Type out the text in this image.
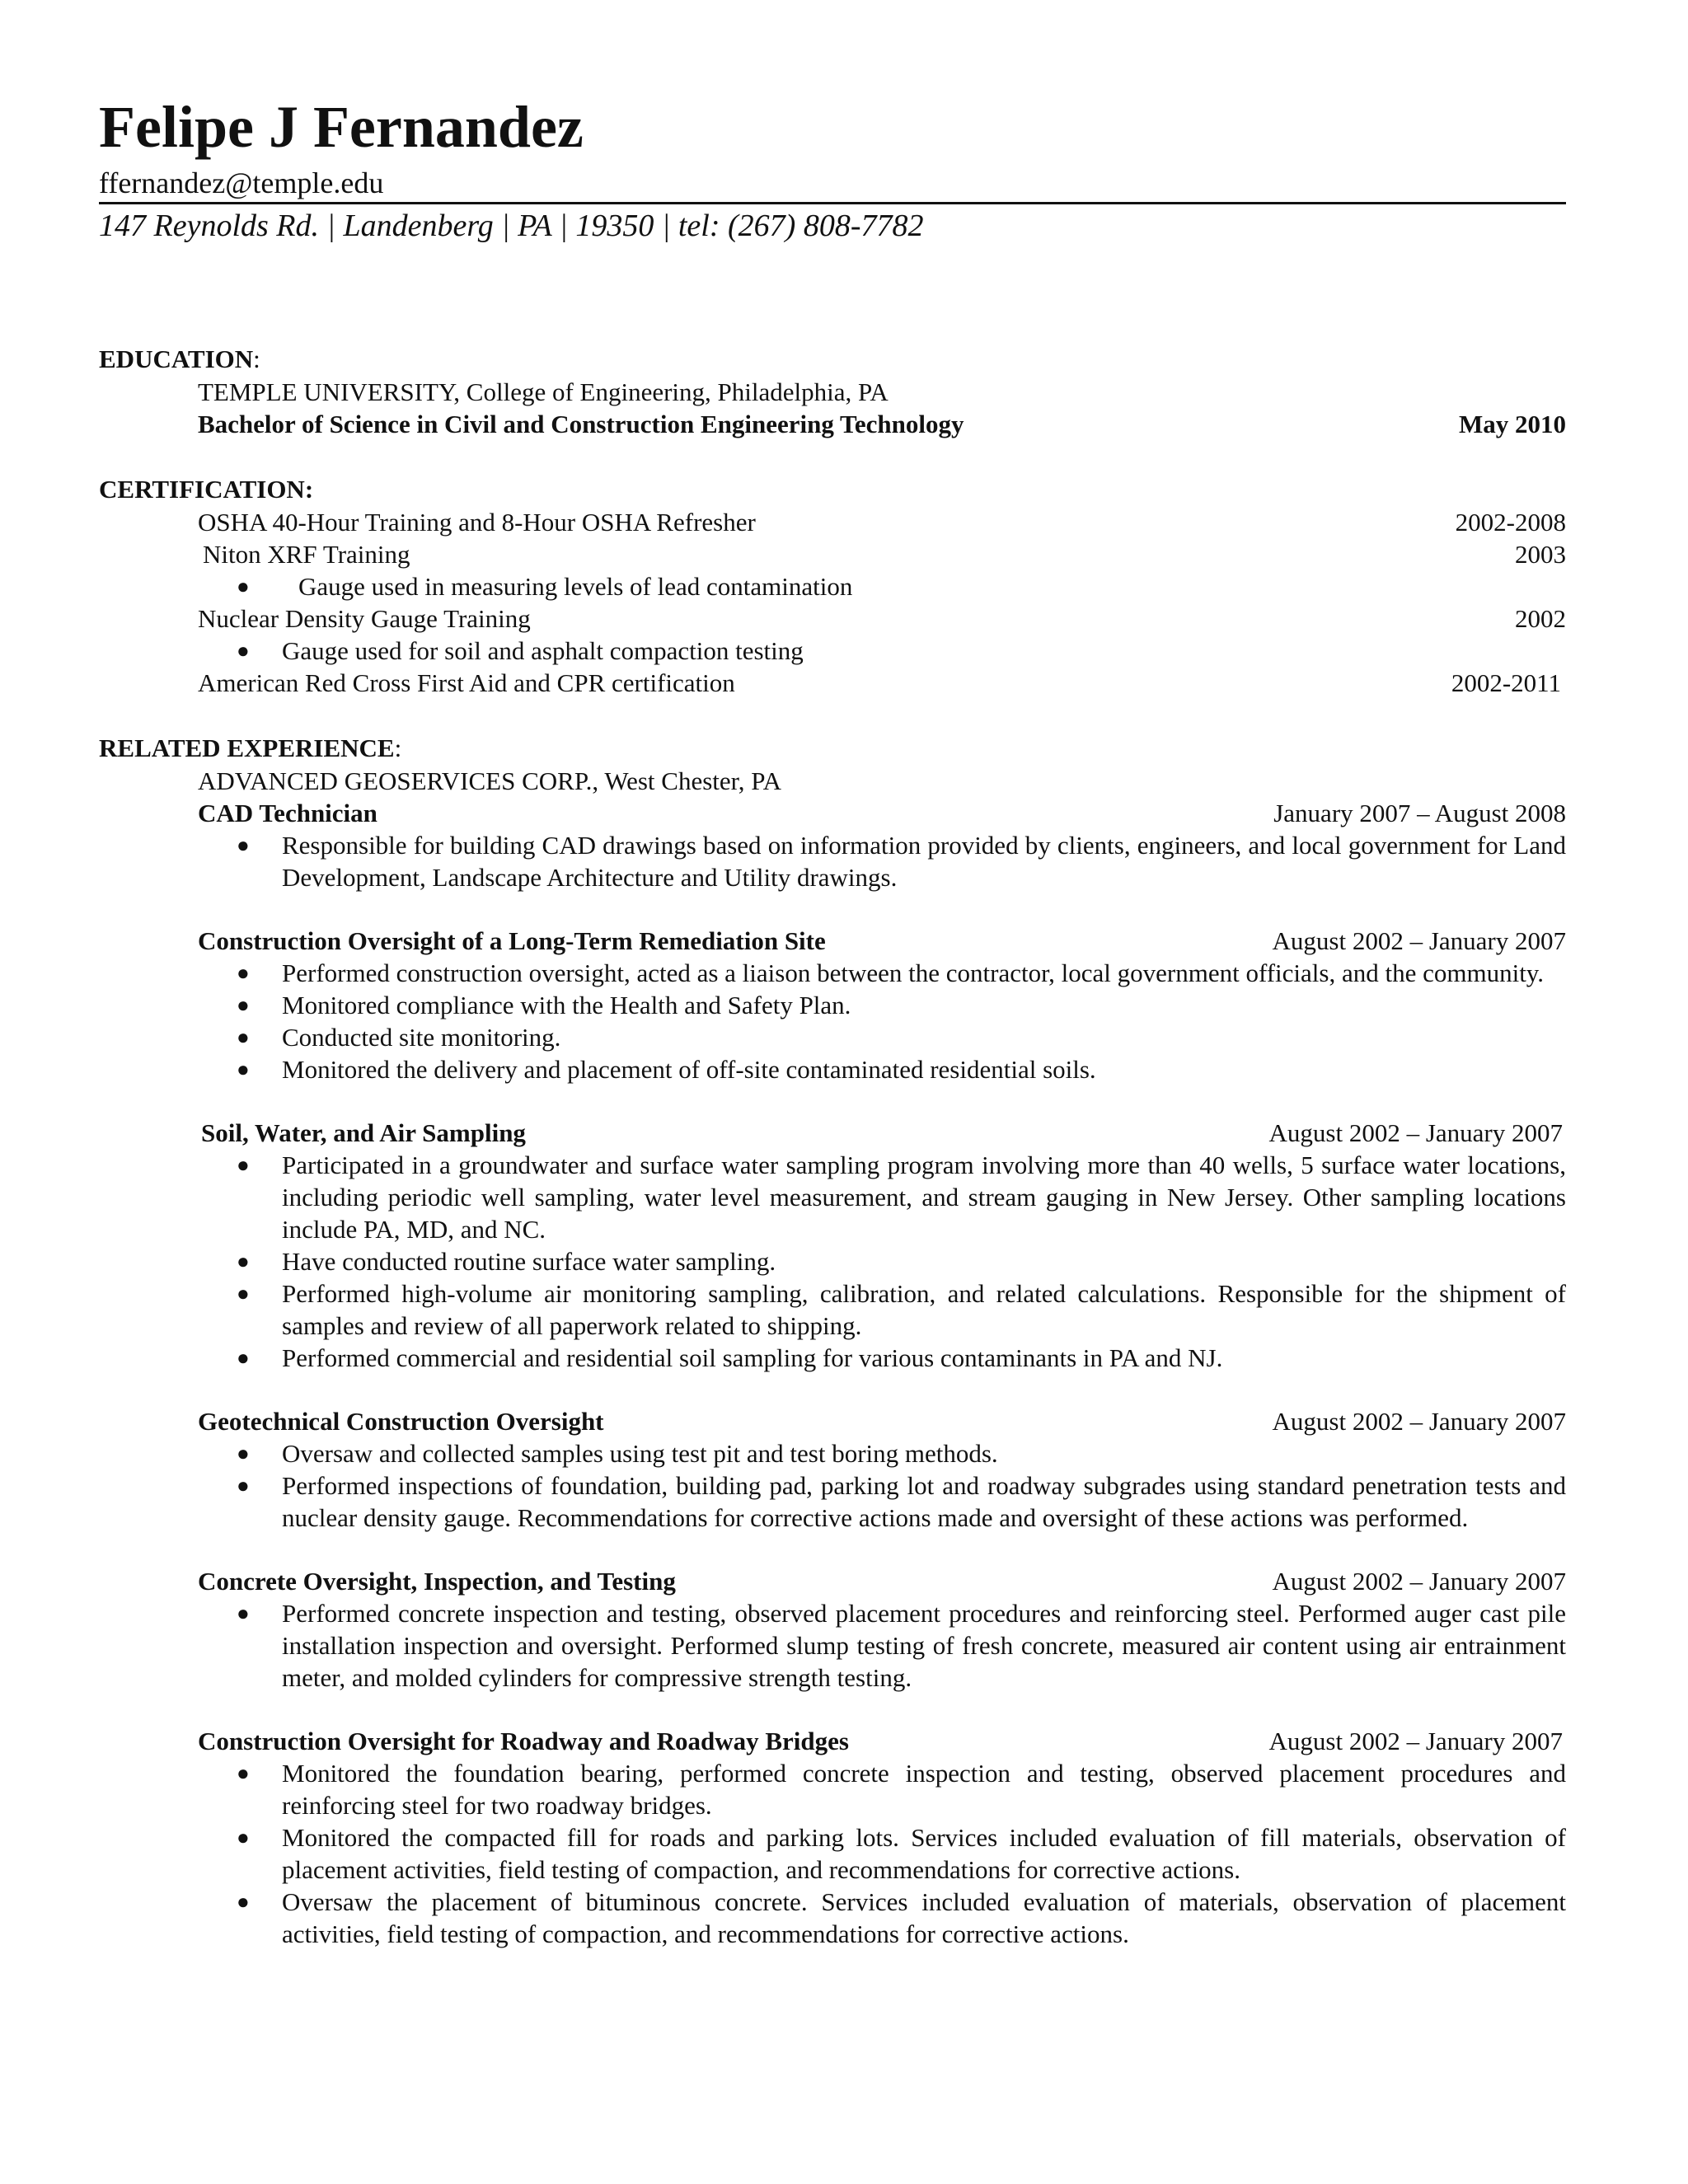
Felipe J Fernandez
ffernandez@temple.edu
147 Reynolds Rd. | Landenberg | PA | 19350 | tel: (267) 808-7782
EDUCATION:
TEMPLE UNIVERSITY, College of Engineering, Philadelphia, PA
Bachelor of Science in Civil and Construction Engineering Technology	May 2010
CERTIFICATION:
OSHA 40-Hour Training and 8-Hour OSHA Refresher	2002-2008
Niton XRF Training	2003
● Gauge used in measuring levels of lead contamination
Nuclear Density Gauge Training	2002
● Gauge used for soil and asphalt compaction testing
American Red Cross First Aid and CPR certification	2002-2011
RELATED EXPERIENCE:
ADVANCED GEOSERVICES CORP., West Chester, PA
CAD Technician	January 2007 – August 2008
● Responsible for building CAD drawings based on information provided by clients, engineers, and local government for Land Development, Landscape Architecture and Utility drawings.
Construction Oversight of a Long-Term Remediation Site	August 2002 – January 2007
● Performed construction oversight, acted as a liaison between the contractor, local government officials, and the community.
● Monitored compliance with the Health and Safety Plan.
● Conducted site monitoring.
● Monitored the delivery and placement of off-site contaminated residential soils.
Soil, Water, and Air Sampling	August 2002 – January 2007
● Participated in a groundwater and surface water sampling program involving more than 40 wells, 5 surface water locations, including periodic well sampling, water level measurement, and stream gauging in New Jersey. Other sampling locations include PA, MD, and NC.
● Have conducted routine surface water sampling.
● Performed high-volume air monitoring sampling, calibration, and related calculations. Responsible for the shipment of samples and review of all paperwork related to shipping.
● Performed commercial and residential soil sampling for various contaminants in PA and NJ.
Geotechnical Construction Oversight	August 2002 – January 2007
● Oversaw and collected samples using test pit and test boring methods.
● Performed inspections of foundation, building pad, parking lot and roadway subgrades using standard penetration tests and nuclear density gauge. Recommendations for corrective actions made and oversight of these actions was performed.
Concrete Oversight, Inspection, and Testing	August 2002 – January 2007
● Performed concrete inspection and testing, observed placement procedures and reinforcing steel. Performed auger cast pile installation inspection and oversight. Performed slump testing of fresh concrete, measured air content using air entrainment meter, and molded cylinders for compressive strength testing.
Construction Oversight for Roadway and Roadway Bridges	August 2002 – January 2007
● Monitored the foundation bearing, performed concrete inspection and testing, observed placement procedures and reinforcing steel for two roadway bridges.
● Monitored the compacted fill for roads and parking lots. Services included evaluation of fill materials, observation of placement activities, field testing of compaction, and recommendations for corrective actions.
● Oversaw the placement of bituminous concrete. Services included evaluation of materials, observation of placement activities, field testing of compaction, and recommendations for corrective actions.
